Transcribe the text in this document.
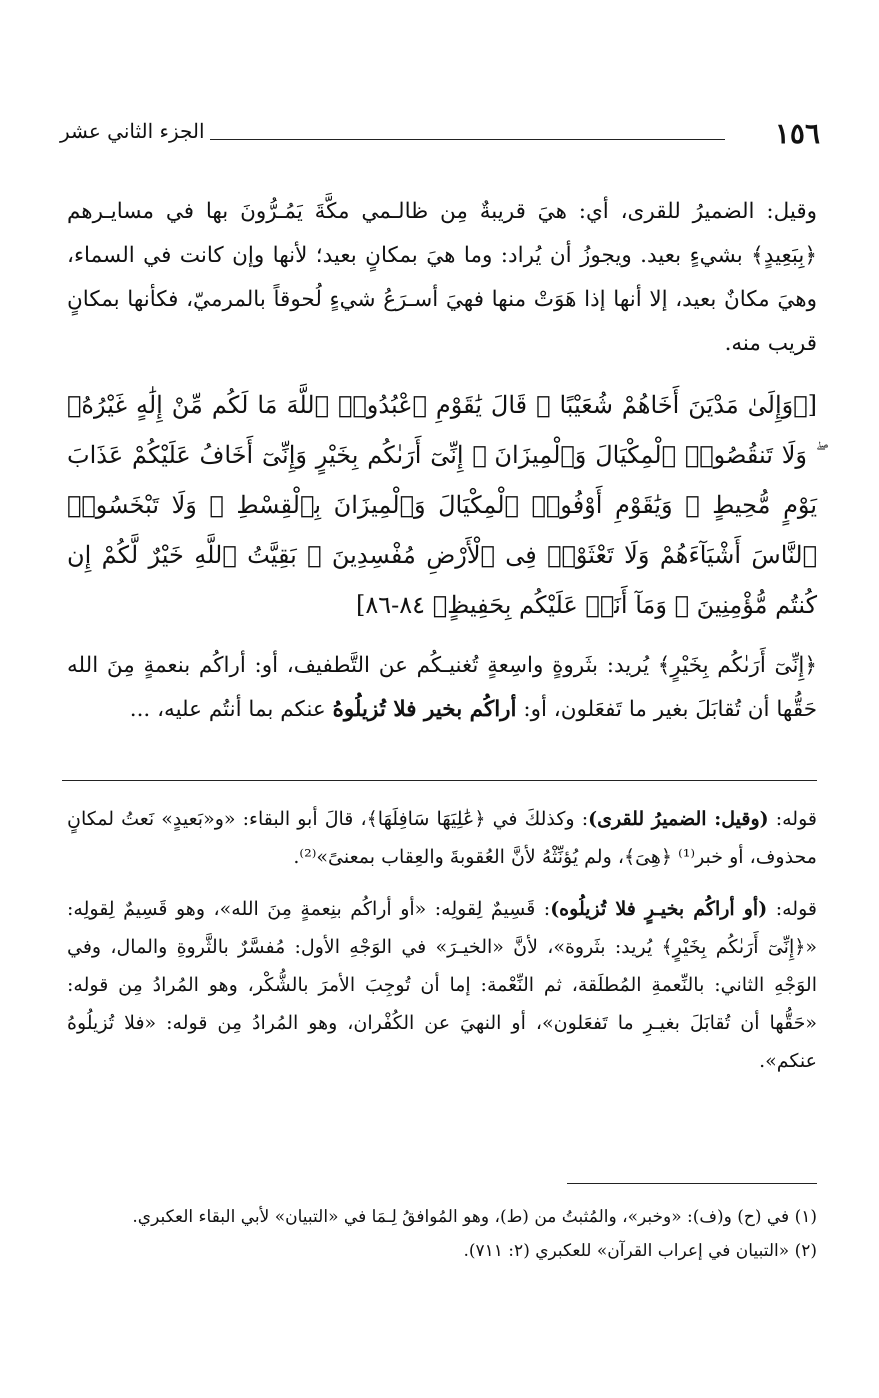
١٥٦
الجزء الثاني عشر

وقيل: الضميرُ للقرى، أي: هيَ قريبةٌ مِن ظالـمي مكَّةَ يَمُـرُّونَ بها في مسايـرهم ﴿بِبَعِيدٍ﴾ بشيءٍ بعيد. ويجوزُ أن يُراد: وما هيَ بمكانٍ بعيد؛ لأنها وإن كانت في السماء، وهيَ مكانٌ بعيد، إلا أنها إذا هَوَتْ منها فهيَ أسـرَعُ شيءٍ لُحوقاً بالمرميّ، فكأنها بمكانٍ قريب منه.

[﴿وَإِلَىٰ مَدْيَنَ أَخَاهُمْ شُعَيْبًا ۚ قَالَ يَٰقَوْمِ ٱعْبُدُوا۟ ٱللَّهَ مَا لَكُم مِّنْ إِلَٰهٍ غَيْرُهُۥ ۖ وَلَا تَنقُصُوا۟ ٱلْمِكْيَالَ وَٱلْمِيزَانَ ۚ إِنِّىٓ أَرَىٰكُم بِخَيْرٍ وَإِنِّىٓ أَخَافُ عَلَيْكُمْ عَذَابَ يَوْمٍ مُّحِيطٍ ۞ وَيَٰقَوْمِ أَوْفُوا۟ ٱلْمِكْيَالَ وَٱلْمِيزَانَ بِٱلْقِسْطِ ۖ وَلَا تَبْخَسُوا۟ ٱلنَّاسَ أَشْيَآءَهُمْ وَلَا تَعْثَوْا۟ فِى ٱلْأَرْضِ مُفْسِدِينَ ۞ بَقِيَّتُ ٱللَّهِ خَيْرٌ لَّكُمْ إِن كُنتُم مُّؤْمِنِينَ ۚ وَمَآ أَنَا۠ عَلَيْكُم بِحَفِيظٍ﴾ ٨٤-٨٦]

﴿إِنِّىٓ أَرَىٰكُم بِخَيْرٍ﴾ يُريد: بثَروةٍ واسِعةٍ تُغنيـكُم عن التَّطفيف، أو: أراكُم بنعمةٍ مِنَ الله حَقُّها أن تُقابَلَ بغير ما تَفعَلون، أو: أراكُم بخير فلا تُزيلُوهُ عنكم بما أنتُم عليه، ...

قوله: (وقيل: الضميرُ للقرى): وكذلكَ في ﴿عَٰلِيَهَا سَافِلَهَا﴾، قالَ أبو البقاء: «و«بَعيدٍ» نَعتُ لمكانٍ محذوف، أو خبر⁽¹⁾ ﴿هِىَ﴾، ولم يُؤنِّثْهُ لأنَّ العُقوبةَ والعِقاب بمعنىً»⁽²⁾.

قوله: (أو أراكُم بخيـرٍ فلا تُزيلُوه): قَسِيمٌ لِقولِه: «أو أراكُم بنِعمةٍ مِنَ الله»، وهو قَسِيمٌ لِقولِه: «﴿إِنِّىٓ أَرَىٰكُم بِخَيْرٍ﴾ يُريد: بثَروة»، لأنَّ «الخيـرَ» في الوَجْهِ الأول: مُفسَّرٌ بالثَّروةِ والمال، وفي الوَجْهِ الثاني: بالنِّعمةِ المُطلَقة، ثم النِّعْمة: إما أن تُوجِبَ الأمرَ بالشُّكْر، وهو المُرادُ مِن قوله: «حَقُّها أن تُقابَلَ بغيـرِ ما تَفعَلون»، أو النهيَ عن الكُفْران، وهو المُرادُ مِن قوله: «فلا تُزيلُوهُ عنكم».

(١) في (ح) و(ف): «وخبر»، والمُثبتُ من (ط)، وهو المُوافقُ لِـمَا في «التبيان» لأبي البقاء العكبري.

(٢) «التبيان في إعراب القرآن» للعكبري (٢: ٧١١).
